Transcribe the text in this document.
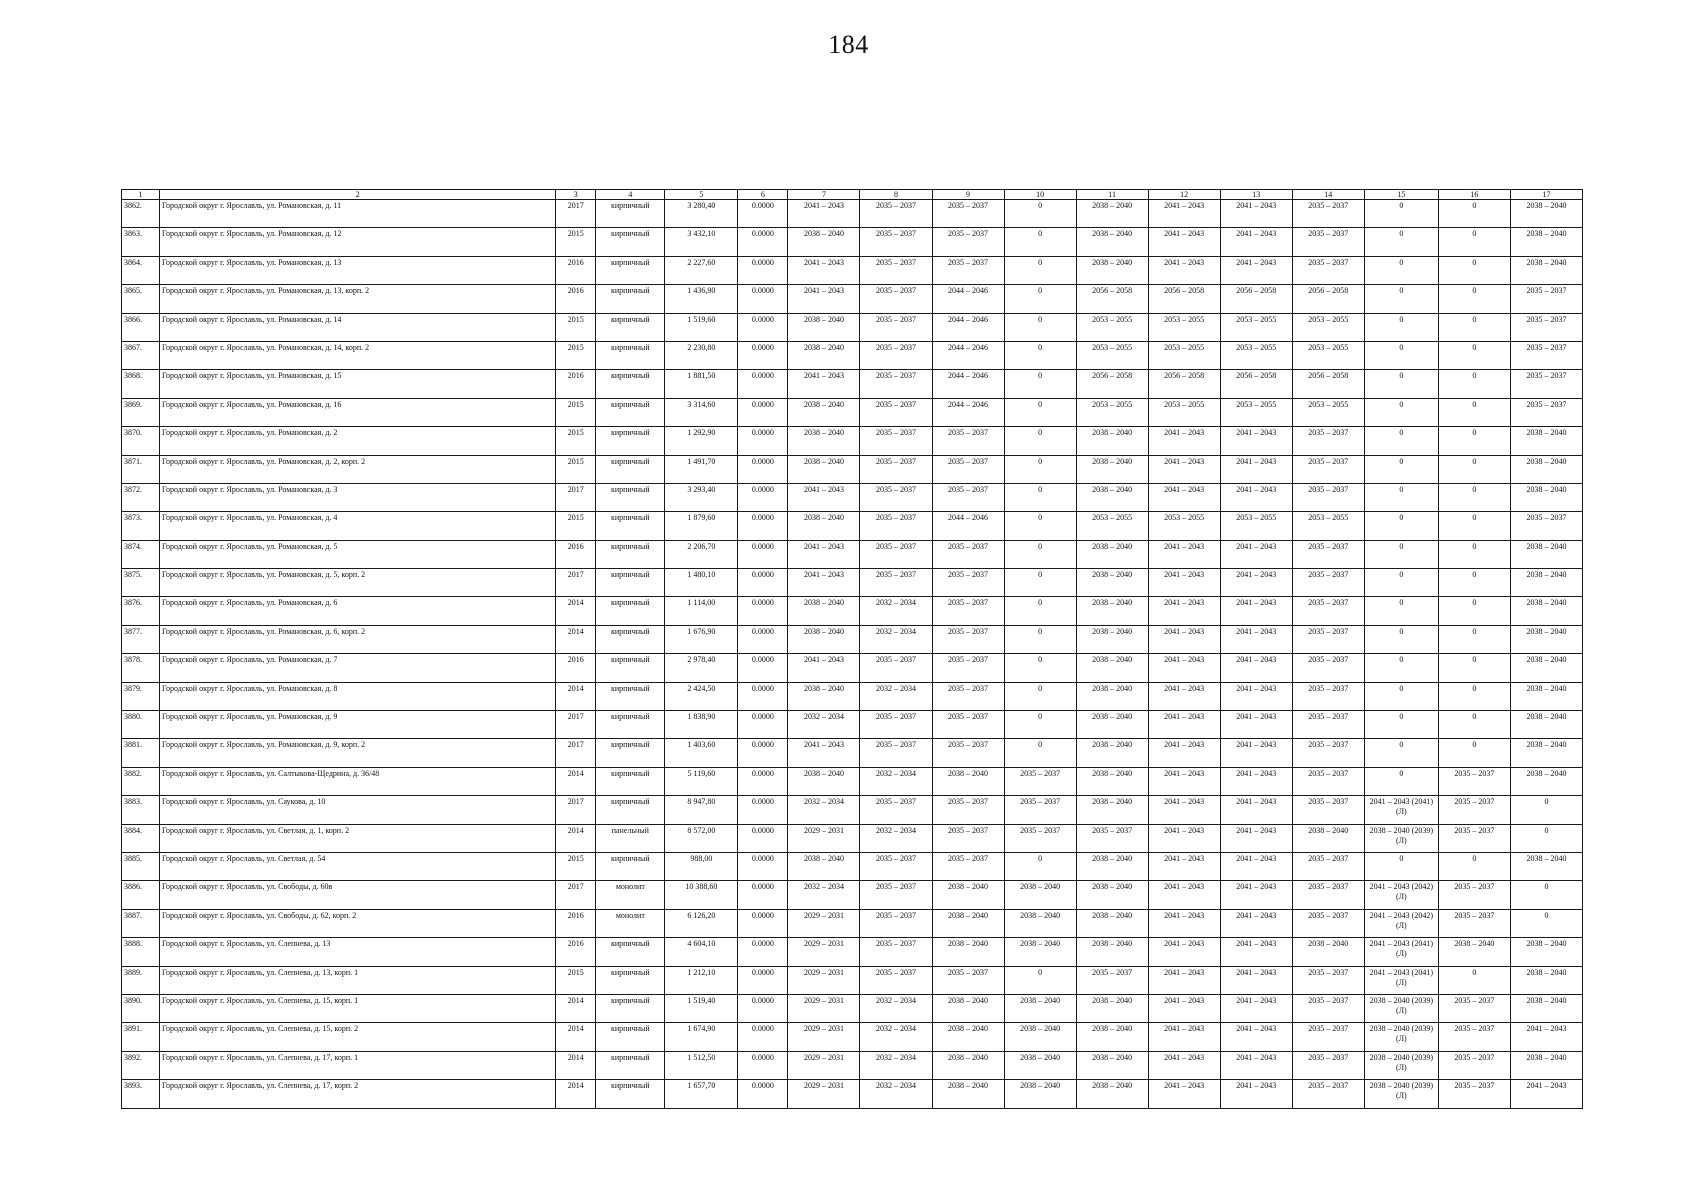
184
1	2	3	4	5	6	7	8	9	10	11	12	13	14	15	16	17
3862.	Городской округ г. Ярославль, ул. Романовская, д. 11	2017	кирпичный	3 280,40	0.0000	2041 – 2043	2035 – 2037	2035 – 2037	0	2038 – 2040	2041 – 2043	2041 – 2043	2035 – 2037	0	0	2038 – 2040
3863.	Городской округ г. Ярославль, ул. Романовская, д. 12	2015	кирпичный	3 432,10	0.0000	2038 – 2040	2035 – 2037	2035 – 2037	0	2038 – 2040	2041 – 2043	2041 – 2043	2035 – 2037	0	0	2038 – 2040
3864.	Городской округ г. Ярославль, ул. Романовская, д. 13	2016	кирпичный	2 227,60	0.0000	2041 – 2043	2035 – 2037	2035 – 2037	0	2038 – 2040	2041 – 2043	2041 – 2043	2035 – 2037	0	0	2038 – 2040
3865.	Городской округ г. Ярославль, ул. Романовская, д. 13, корп. 2	2016	кирпичный	1 436,90	0.0000	2041 – 2043	2035 – 2037	2044 – 2046	0	2056 – 2058	2056 – 2058	2056 – 2058	2056 – 2058	0	0	2035 – 2037
3866.	Городской округ г. Ярославль, ул. Романовская, д. 14	2015	кирпичный	1 519,60	0.0000	2038 – 2040	2035 – 2037	2044 – 2046	0	2053 – 2055	2053 – 2055	2053 – 2055	2053 – 2055	0	0	2035 – 2037
3867.	Городской округ г. Ярославль, ул. Романовская, д. 14, корп. 2	2015	кирпичный	2 230,80	0.0000	2038 – 2040	2035 – 2037	2044 – 2046	0	2053 – 2055	2053 – 2055	2053 – 2055	2053 – 2055	0	0	2035 – 2037
3868.	Городской округ г. Ярославль, ул. Романовская, д. 15	2016	кирпичный	1 881,50	0.0000	2041 – 2043	2035 – 2037	2044 – 2046	0	2056 – 2058	2056 – 2058	2056 – 2058	2056 – 2058	0	0	2035 – 2037
3869.	Городской округ г. Ярославль, ул. Романовская, д. 16	2015	кирпичный	3 314,60	0.0000	2038 – 2040	2035 – 2037	2044 – 2046	0	2053 – 2055	2053 – 2055	2053 – 2055	2053 – 2055	0	0	2035 – 2037
3870.	Городской округ г. Ярославль, ул. Романовская, д. 2	2015	кирпичный	1 292,90	0.0000	2038 – 2040	2035 – 2037	2035 – 2037	0	2038 – 2040	2041 – 2043	2041 – 2043	2035 – 2037	0	0	2038 – 2040
3871.	Городской округ г. Ярославль, ул. Романовская, д. 2, корп. 2	2015	кирпичный	1 491,70	0.0000	2038 – 2040	2035 – 2037	2035 – 2037	0	2038 – 2040	2041 – 2043	2041 – 2043	2035 – 2037	0	0	2038 – 2040
3872.	Городской округ г. Ярославль, ул. Романовская, д. 3	2017	кирпичный	3 293,40	0.0000	2041 – 2043	2035 – 2037	2035 – 2037	0	2038 – 2040	2041 – 2043	2041 – 2043	2035 – 2037	0	0	2038 – 2040
3873.	Городской округ г. Ярославль, ул. Романовская, д. 4	2015	кирпичный	1 879,60	0.0000	2038 – 2040	2035 – 2037	2044 – 2046	0	2053 – 2055	2053 – 2055	2053 – 2055	2053 – 2055	0	0	2035 – 2037
3874.	Городской округ г. Ярославль, ул. Романовская, д. 5	2016	кирпичный	2 206,70	0.0000	2041 – 2043	2035 – 2037	2035 – 2037	0	2038 – 2040	2041 – 2043	2041 – 2043	2035 – 2037	0	0	2038 – 2040
3875.	Городской округ г. Ярославль, ул. Романовская, д. 5, корп. 2	2017	кирпичный	1 480,10	0.0000	2041 – 2043	2035 – 2037	2035 – 2037	0	2038 – 2040	2041 – 2043	2041 – 2043	2035 – 2037	0	0	2038 – 2040
3876.	Городской округ г. Ярославль, ул. Романовская, д. 6	2014	кирпичный	1 114,00	0.0000	2038 – 2040	2032 – 2034	2035 – 2037	0	2038 – 2040	2041 – 2043	2041 – 2043	2035 – 2037	0	0	2038 – 2040
3877.	Городской округ г. Ярославль, ул. Романовская, д. 6, корп. 2	2014	кирпичный	1 676,90	0.0000	2038 – 2040	2032 – 2034	2035 – 2037	0	2038 – 2040	2041 – 2043	2041 – 2043	2035 – 2037	0	0	2038 – 2040
3878.	Городской округ г. Ярославль, ул. Романовская, д. 7	2016	кирпичный	2 978,40	0.0000	2041 – 2043	2035 – 2037	2035 – 2037	0	2038 – 2040	2041 – 2043	2041 – 2043	2035 – 2037	0	0	2038 – 2040
3879.	Городской округ г. Ярославль, ул. Романовская, д. 8	2014	кирпичный	2 424,50	0.0000	2038 – 2040	2032 – 2034	2035 – 2037	0	2038 – 2040	2041 – 2043	2041 – 2043	2035 – 2037	0	0	2038 – 2040
3880.	Городской округ г. Ярославль, ул. Романовская, д. 9	2017	кирпичный	1 838,90	0.0000	2032 – 2034	2035 – 2037	2035 – 2037	0	2038 – 2040	2041 – 2043	2041 – 2043	2035 – 2037	0	0	2038 – 2040
3881.	Городской округ г. Ярославль, ул. Романовская, д. 9, корп. 2	2017	кирпичный	1 403,60	0.0000	2041 – 2043	2035 – 2037	2035 – 2037	0	2038 – 2040	2041 – 2043	2041 – 2043	2035 – 2037	0	0	2038 – 2040
3882.	Городской округ г. Ярославль, ул. Салтыкова-Щедрина, д. 36/48	2014	кирпичный	5 119,60	0.0000	2038 – 2040	2032 – 2034	2038 – 2040	2035 – 2037	2038 – 2040	2041 – 2043	2041 – 2043	2035 – 2037	0	2035 – 2037	2038 – 2040
3883.	Городской округ г. Ярославль, ул. Саукова, д. 10	2017	кирпичный	8 947,80	0.0000	2032 – 2034	2035 – 2037	2035 – 2037	2035 – 2037	2038 – 2040	2041 – 2043	2041 – 2043	2035 – 2037	2041 – 2043 (2041) (Л)	2035 – 2037	0
3884.	Городской округ г. Ярославль, ул. Светлая, д. 1, корп. 2	2014	панельный	8 572,00	0.0000	2029 – 2031	2032 – 2034	2035 – 2037	2035 – 2037	2035 – 2037	2041 – 2043	2041 – 2043	2038 – 2040	2038 – 2040 (2039) (Л)	2035 – 2037	0
3885.	Городской округ г. Ярославль, ул. Светлая, д. 54	2015	кирпичный	988,00	0.0000	2038 – 2040	2035 – 2037	2035 – 2037	0	2038 – 2040	2041 – 2043	2041 – 2043	2035 – 2037	0	0	2038 – 2040
3886.	Городской округ г. Ярославль, ул. Свободы, д. 60в	2017	монолит	10 388,60	0.0000	2032 – 2034	2035 – 2037	2038 – 2040	2038 – 2040	2038 – 2040	2041 – 2043	2041 – 2043	2035 – 2037	2041 – 2043 (2042) (Л)	2035 – 2037	0
3887.	Городской округ г. Ярославль, ул. Свободы, д. 62, корп. 2	2016	монолит	6 126,20	0.0000	2029 – 2031	2035 – 2037	2038 – 2040	2038 – 2040	2038 – 2040	2041 – 2043	2041 – 2043	2035 – 2037	2041 – 2043 (2042) (Л)	2035 – 2037	0
3888.	Городской округ г. Ярославль, ул. Слепнева, д. 13	2016	кирпичный	4 604,10	0.0000	2029 – 2031	2035 – 2037	2038 – 2040	2038 – 2040	2038 – 2040	2041 – 2043	2041 – 2043	2038 – 2040	2041 – 2043 (2041) (Л)	2038 – 2040	2038 – 2040
3889.	Городской округ г. Ярославль, ул. Слепнева, д. 13, корп. 1	2015	кирпичный	1 212,10	0.0000	2029 – 2031	2035 – 2037	2035 – 2037	0	2035 – 2037	2041 – 2043	2041 – 2043	2035 – 2037	2041 – 2043 (2041) (Л)	0	2038 – 2040
3890.	Городской округ г. Ярославль, ул. Слепнева, д. 15, корп. 1	2014	кирпичный	1 519,40	0.0000	2029 – 2031	2032 – 2034	2038 – 2040	2038 – 2040	2038 – 2040	2041 – 2043	2041 – 2043	2035 – 2037	2038 – 2040 (2039) (Л)	2035 – 2037	2038 – 2040
3891.	Городской округ г. Ярославль, ул. Слепнева, д. 15, корп. 2	2014	кирпичный	1 674,90	0.0000	2029 – 2031	2032 – 2034	2038 – 2040	2038 – 2040	2038 – 2040	2041 – 2043	2041 – 2043	2035 – 2037	2038 – 2040 (2039) (Л)	2035 – 2037	2041 – 2043
3892.	Городской округ г. Ярославль, ул. Слепнева, д. 17, корп. 1	2014	кирпичный	1 512,50	0.0000	2029 – 2031	2032 – 2034	2038 – 2040	2038 – 2040	2038 – 2040	2041 – 2043	2041 – 2043	2035 – 2037	2038 – 2040 (2039) (Л)	2035 – 2037	2038 – 2040
3893.	Городской округ г. Ярославль, ул. Слепнева, д. 17, корп. 2	2014	кирпичный	1 657,70	0.0000	2029 – 2031	2032 – 2034	2038 – 2040	2038 – 2040	2038 – 2040	2041 – 2043	2041 – 2043	2035 – 2037	2038 – 2040 (2039) (Л)	2035 – 2037	2041 – 2043
